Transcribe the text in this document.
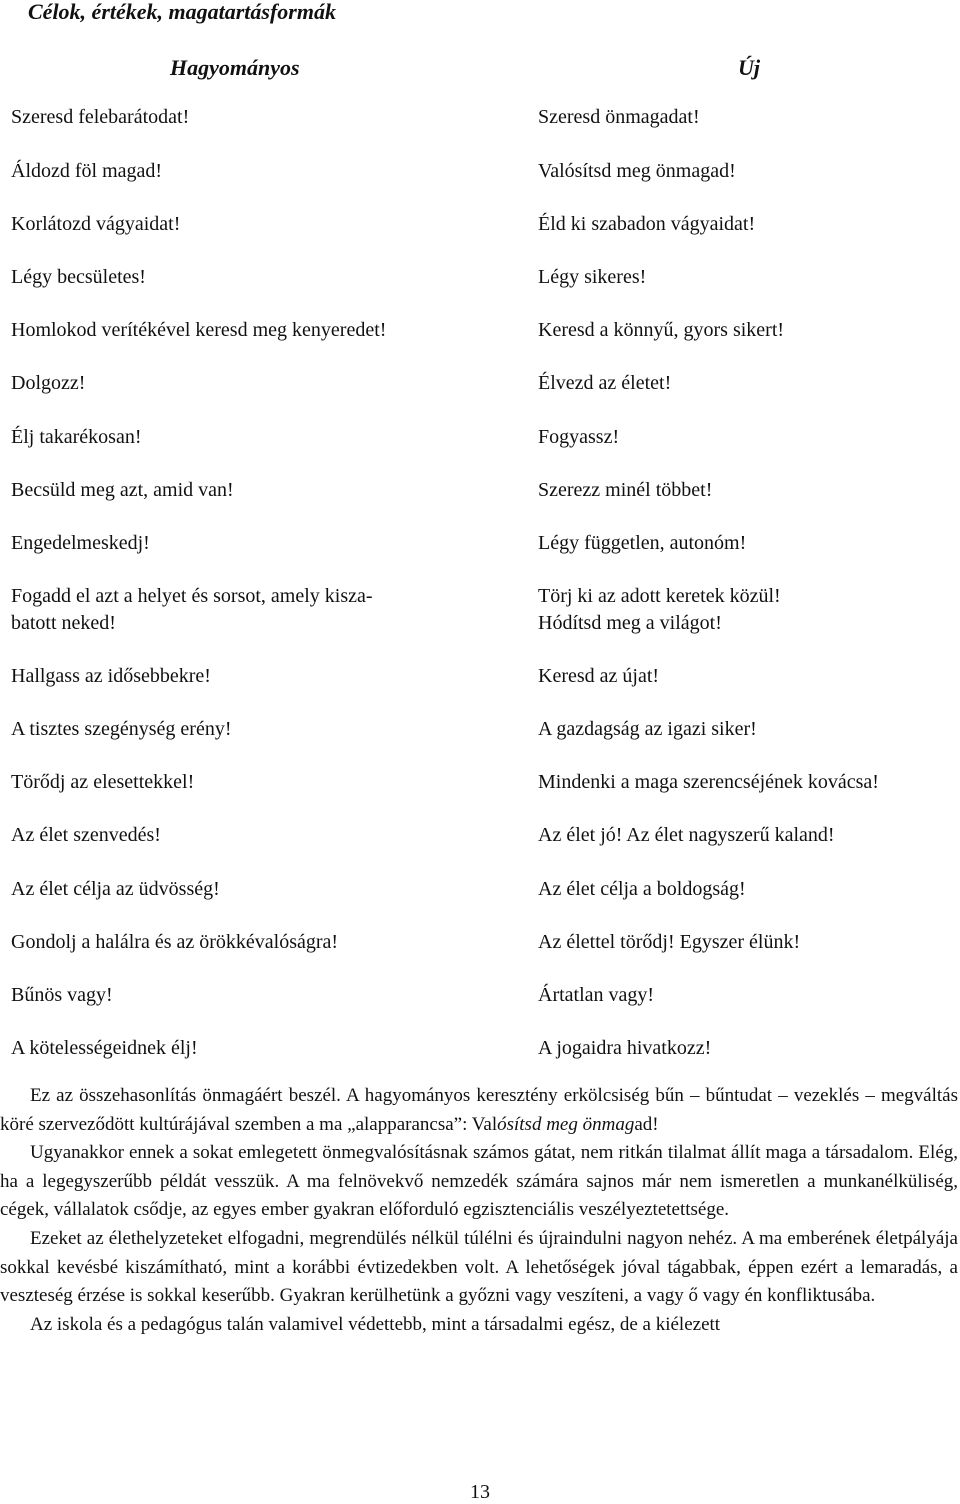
Célok, értékek, magatartásformák
Hagyományos	Új
Szeresd felebarátodat!
Áldozd föl magad!
Korlátozd vágyaidat!
Légy becsületes!
Homlokod verítékével keresd meg kenyeredet!
Dolgozz!
Élj takarékosan!
Becsüld meg azt, amid van!
Engedelmeskedj!
Fogadd el azt a helyet és sorsot, amely kisza-
batott neked!
Hallgass az idősebbekre!
A tisztes szegénység erény!
Törődj az elesettekkel!
Az élet szenvedés!
Az élet célja az üdvösség!
Gondolj a halálra és az örökkévalóságra!
Bűnös vagy!
A kötelességeidnek élj!
Szeresd önmagadat!
Valósítsd meg önmagad!
Éld ki szabadon vágyaidat!
Légy sikeres!
Keresd a könnyű, gyors sikert!
Élvezd az életet!
Fogyassz!
Szerezz minél többet!
Légy független, autonóm!
Törj ki az adott keretek közül!
Hódítsd meg a világot!
Keresd az újat!
A gazdagság az igazi siker!
Mindenki a maga szerencséjének kovácsa!
Az élet jó! Az élet nagyszerű kaland!
Az élet célja a boldogság!
Az élettel törődj! Egyszer élünk!
Ártatlan vagy!
A jogaidra hivatkozz!

Ez az összehasonlítás önmagáért beszél. A hagyományos keresztény erkölcsiség bűn – bűntudat – vezeklés – megváltás köré szerveződött kultúrájával szemben a ma „alapparancsa”: Valósítsd meg önmagad!

Ugyanakkor ennek a sokat emlegetett önmegvalósításnak számos gátat, nem ritkán tilalmat állít maga a társadalom. Elég, ha a legegyszerűbb példát vesszük. A ma felnövekvő nemzedék számára sajnos már nem ismeretlen a munkanélküliség, cégek, vállalatok csődje, az egyes ember gyakran előforduló egzisztenciális veszélyeztetettsége.

Ezeket az élethelyzeteket elfogadni, megrendülés nélkül túlélni és újraindulni nagyon nehéz. A ma emberének életpályája sokkal kevésbé kiszámítható, mint a korábbi évtizedekben volt. A lehetőségek jóval tágabbak, éppen ezért a lemaradás, a veszteség érzése is sokkal keserűbb. Gyakran kerülhetünk a győzni vagy veszíteni, a vagy ő vagy én konfliktusába.

Az iskola és a pedagógus talán valamivel védettebb, mint a társadalmi egész, de a kiélezett

13
